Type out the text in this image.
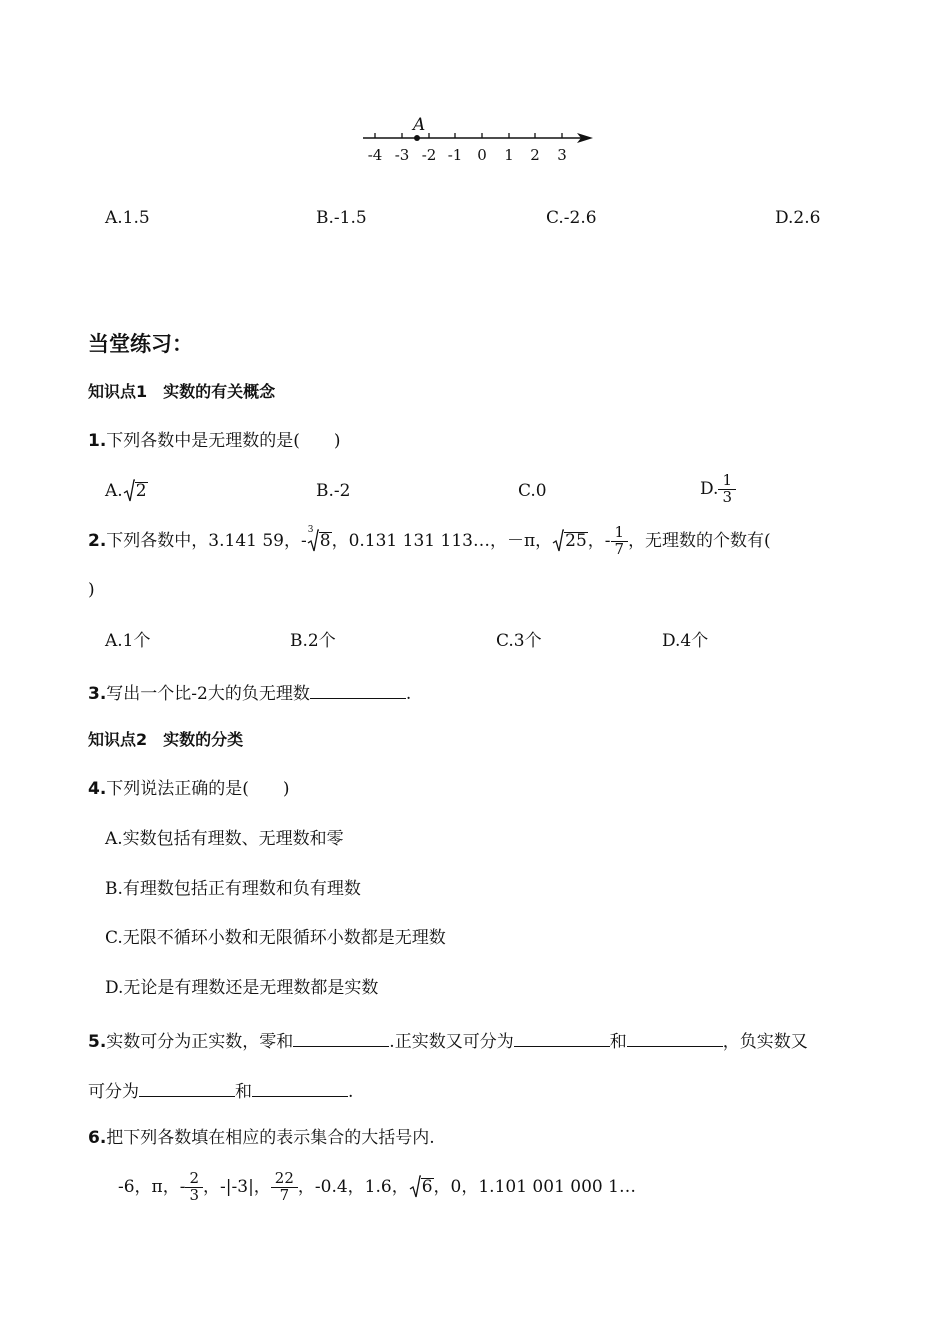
A
-4 -3 -2 -1 0 1 2 3
A.1.5	B.-1.5	C.-2.6	D.2.6
当堂练习：
知识点1　实数的有关概念
1.下列各数中是无理数的是(　　)
A. 2	B.-2	C.0	D. $\frac{1}{3}$
2. 下列各数中，3.141 59，-
3
8 ，0.131 131 113…，－π， 25 ，- $\frac{1}{7}$ ，无理数的个数有(
)
A.1个	B.2个	C.3个	D.4个
3.写出一个比-2大的负无理数	.
知识点2　实数的分类
4.下列说法正确的是(　　)
A.实数包括有理数、无理数和零
B.有理数包括正有理数和负有理数
C.无限不循环小数和无限循环小数都是无理数
D.无论是有理数还是无理数都是实数
5.实数可分为正实数，零和	.正实数又可分为	和	，负实数又
可分为	和	.
6.把下列各数填在相应的表示集合的大括号内.
-6，π，- $\frac{2}{3}$ ，-|-3|， $\frac{22}{7}$ ，-0.4，1.6， 6 ，0，1.101 001 000 1…
